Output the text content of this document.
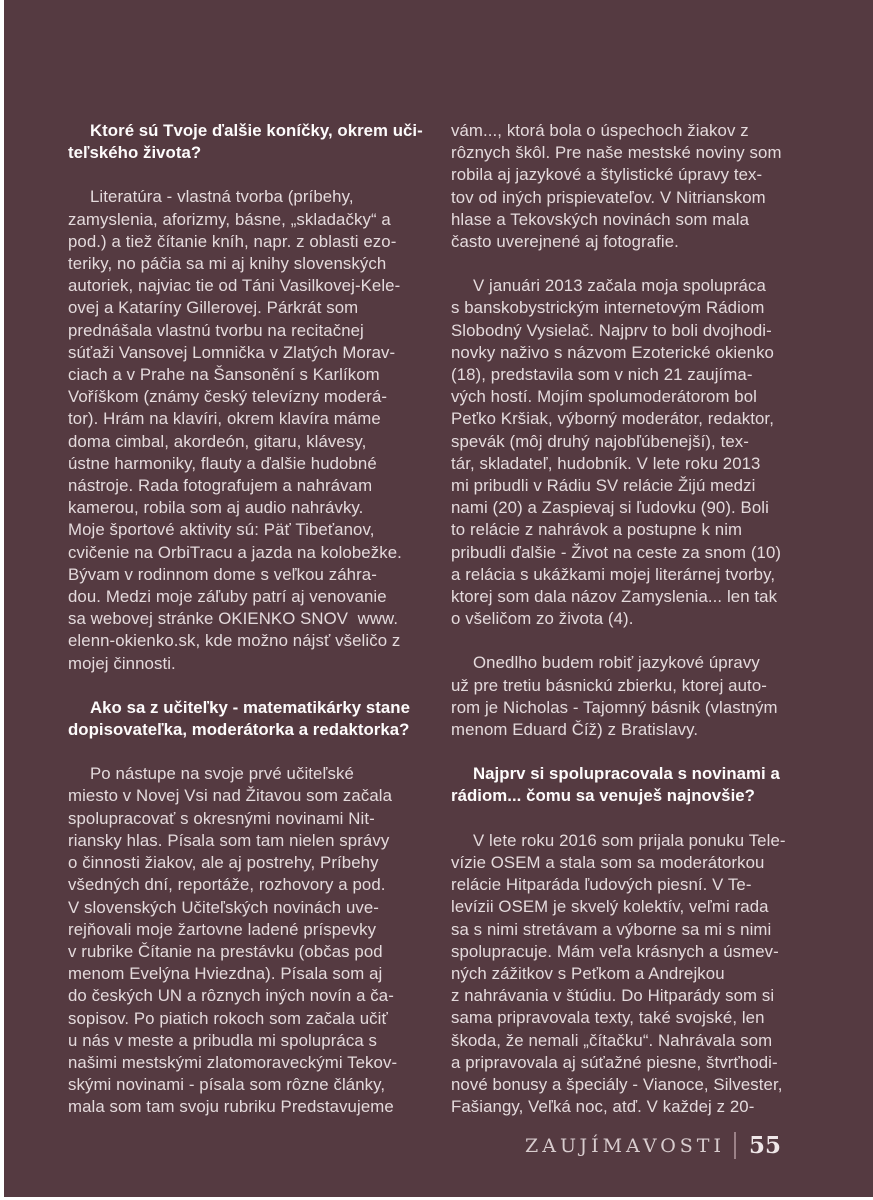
Ktoré sú Tvoje ďalšie koníčky, okrem uči-
teľského života?
Literatúra - vlastná tvorba (príbehy,
zamyslenia, aforizmy, básne, „skladačky“ a
pod.) a tiež čítanie kníh, napr. z oblasti ezo-
teriky, no páčia sa mi aj knihy slovenských
autoriek, najviac tie od Táni Vasilkovej-Kele-
ovej a Kataríny Gillerovej. Párkrát som
prednášala vlastnú tvorbu na recitačnej
súťaži Vansovej Lomnička v Zlatých Morav-
ciach a v Prahe na Šansonění s Karlíkom
Voříškom (známy český televízny moderá-
tor). Hrám na klavíri, okrem klavíra máme
doma cimbal, akordeón, gitaru, klávesy,
ústne harmoniky, flauty a ďalšie hudobné
nástroje. Rada fotografujem a nahrávam
kamerou, robila som aj audio nahrávky.
Moje športové aktivity sú: Päť Tibeťanov,
cvičenie na OrbiTracu a jazda na kolobežke.
Bývam v rodinnom dome s veľkou záhra-
dou. Medzi moje záľuby patrí aj venovanie
sa webovej stránke OKIENKO SNOV  www.
elenn-okienko.sk, kde možno nájsť všeličo z
mojej činnosti.
Ako sa z učiteľky - matematikárky stane
dopisovateľka, moderátorka a redaktorka?
Po nástupe na svoje prvé učiteľské
miesto v Novej Vsi nad Žitavou som začala
spolupracovať s okresnými novinami Nit-
riansky hlas. Písala som tam nielen správy
o činnosti žiakov, ale aj postrehy, Príbehy
všedných dní, reportáže, rozhovory a pod.
V slovenských Učiteľských novinách uve-
rejňovali moje žartovne ladené príspevky
v rubrike Čítanie na prestávku (občas pod
menom Evelýna Hviezdna). Písala som aj
do českých UN a rôznych iných novín a ča-
sopisov. Po piatich rokoch som začala učiť
u nás v meste a pribudla mi spolupráca s
našimi mestskými zlatomoraveckými Tekov-
skými novinami - písala som rôzne články,
mala som tam svoju rubriku Predstavujeme
vám..., ktorá bola o úspechoch žiakov z
rôznych škôl. Pre naše mestské noviny som
robila aj jazykové a štylistické úpravy tex-
tov od iných prispievateľov. V Nitrianskom
hlase a Tekovských novinách som mala
často uverejnené aj fotografie.
V januári 2013 začala moja spolupráca
s banskobystrickým internetovým Rádiom
Slobodný Vysielač. Najprv to boli dvojhodi-
novky naživo s názvom Ezoterické okienko
(18), predstavila som v nich 21 zaujíma-
vých hostí. Mojím spolumoderátorom bol
Peťko Kršiak, výborný moderátor, redaktor,
spevák (môj druhý najobľúbenejší), tex-
tár, skladateľ, hudobník. V lete roku 2013
mi pribudli v Rádiu SV relácie Žijú medzi
nami (20) a Zaspievaj si ľudovku (90). Boli
to relácie z nahrávok a postupne k nim
pribudli ďalšie - Život na ceste za snom (10)
a relácia s ukážkami mojej literárnej tvorby,
ktorej som dala názov Zamyslenia... len tak
o všeličom zo života (4).
Onedlho budem robiť jazykové úpravy
už pre tretiu básnickú zbierku, ktorej auto-
rom je Nicholas - Tajomný básnik (vlastným
menom Eduard Číž) z Bratislavy.
Najprv si spolupracovala s novinami a
rádiom... čomu sa venuješ najnovšie?
V lete roku 2016 som prijala ponuku Tele-
vízie OSEM a stala som sa moderátorkou
relácie Hitparáda ľudových piesní. V Te-
levízii OSEM je skvelý kolektív, veľmi rada
sa s nimi stretávam a výborne sa mi s nimi
spolupracuje. Mám veľa krásnych a úsmev-
ných zážitkov s Peťkom a Andrejkou
z nahrávania v štúdiu. Do Hitparády som si
sama pripravovala texty, také svojské, len
škoda, že nemali „čítačku“. Nahrávala som
a pripravovala aj súťažné piesne, štvrťhodi-
nové bonusy a špeciály - Vianoce, Silvester,
Fašiangy, Veľká noc, atď. V každej z 20-
ZAUJÍMAVOSTI 55
